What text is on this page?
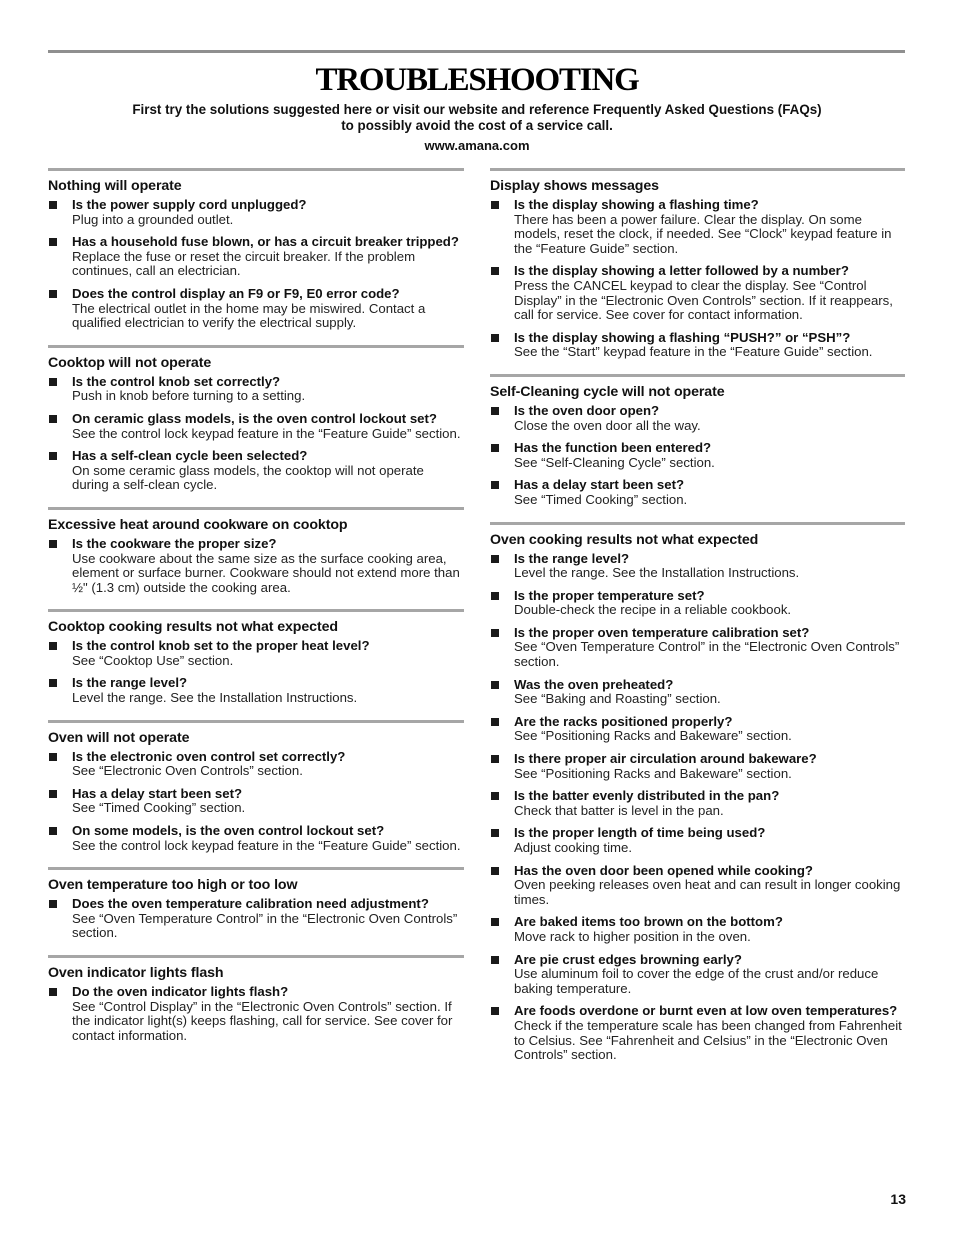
TROUBLESHOOTING

First try the solutions suggested here or visit our website and reference Frequently Asked Questions (FAQs)
to possibly avoid the cost of a service call.

www.amana.com
Nothing will operate
Is the power supply cord unplugged?
Plug into a grounded outlet.
Has a household fuse blown, or has a circuit breaker tripped?
Replace the fuse or reset the circuit breaker. If the problem continues, call an electrician.
Does the control display an F9 or F9, E0 error code?
The electrical outlet in the home may be miswired. Contact a qualified electrician to verify the electrical supply.
Cooktop will not operate
Is the control knob set correctly?
Push in knob before turning to a setting.
On ceramic glass models, is the oven control lockout set?
See the control lock keypad feature in the “Feature Guide” section.
Has a self-clean cycle been selected?
On some ceramic glass models, the cooktop will not operate during a self-clean cycle.
Excessive heat around cookware on cooktop
Is the cookware the proper size?
Use cookware about the same size as the surface cooking area, element or surface burner. Cookware should not extend more than ½" (1.3 cm) outside the cooking area.
Cooktop cooking results not what expected
Is the control knob set to the proper heat level?
See “Cooktop Use” section.
Is the range level?
Level the range. See the Installation Instructions.
Oven will not operate
Is the electronic oven control set correctly?
See “Electronic Oven Controls” section.
Has a delay start been set?
See “Timed Cooking” section.
On some models, is the oven control lockout set?
See the control lock keypad feature in the “Feature Guide” section.
Oven temperature too high or too low
Does the oven temperature calibration need adjustment?
See “Oven Temperature Control” in the “Electronic Oven Controls” section.
Oven indicator lights flash
Do the oven indicator lights flash?
See “Control Display” in the “Electronic Oven Controls” section. If the indicator light(s) keeps flashing, call for service. See cover for contact information.
Display shows messages
Is the display showing a flashing time?
There has been a power failure. Clear the display. On some models, reset the clock, if needed. See “Clock” keypad feature in the “Feature Guide” section.
Is the display showing a letter followed by a number?
Press the CANCEL keypad to clear the display. See “Control Display” in the “Electronic Oven Controls” section. If it reappears, call for service. See cover for contact information.
Is the display showing a flashing “PUSH?” or “PSH”?
See the “Start” keypad feature in the “Feature Guide” section.
Self-Cleaning cycle will not operate
Is the oven door open?
Close the oven door all the way.
Has the function been entered?
See “Self-Cleaning Cycle” section.
Has a delay start been set?
See “Timed Cooking” section.
Oven cooking results not what expected
Is the range level?
Level the range. See the Installation Instructions.
Is the proper temperature set?
Double-check the recipe in a reliable cookbook.
Is the proper oven temperature calibration set?
See “Oven Temperature Control” in the “Electronic Oven Controls” section.
Was the oven preheated?
See “Baking and Roasting” section.
Are the racks positioned properly?
See “Positioning Racks and Bakeware” section.
Is there proper air circulation around bakeware?
See “Positioning Racks and Bakeware” section.
Is the batter evenly distributed in the pan?
Check that batter is level in the pan.
Is the proper length of time being used?
Adjust cooking time.
Has the oven door been opened while cooking?
Oven peeking releases oven heat and can result in longer cooking times.
Are baked items too brown on the bottom?
Move rack to higher position in the oven.
Are pie crust edges browning early?
Use aluminum foil to cover the edge of the crust and/or reduce baking temperature.
Are foods overdone or burnt even at low oven temperatures?
Check if the temperature scale has been changed from Fahrenheit to Celsius. See “Fahrenheit and Celsius” in the “Electronic Oven Controls” section.
13
